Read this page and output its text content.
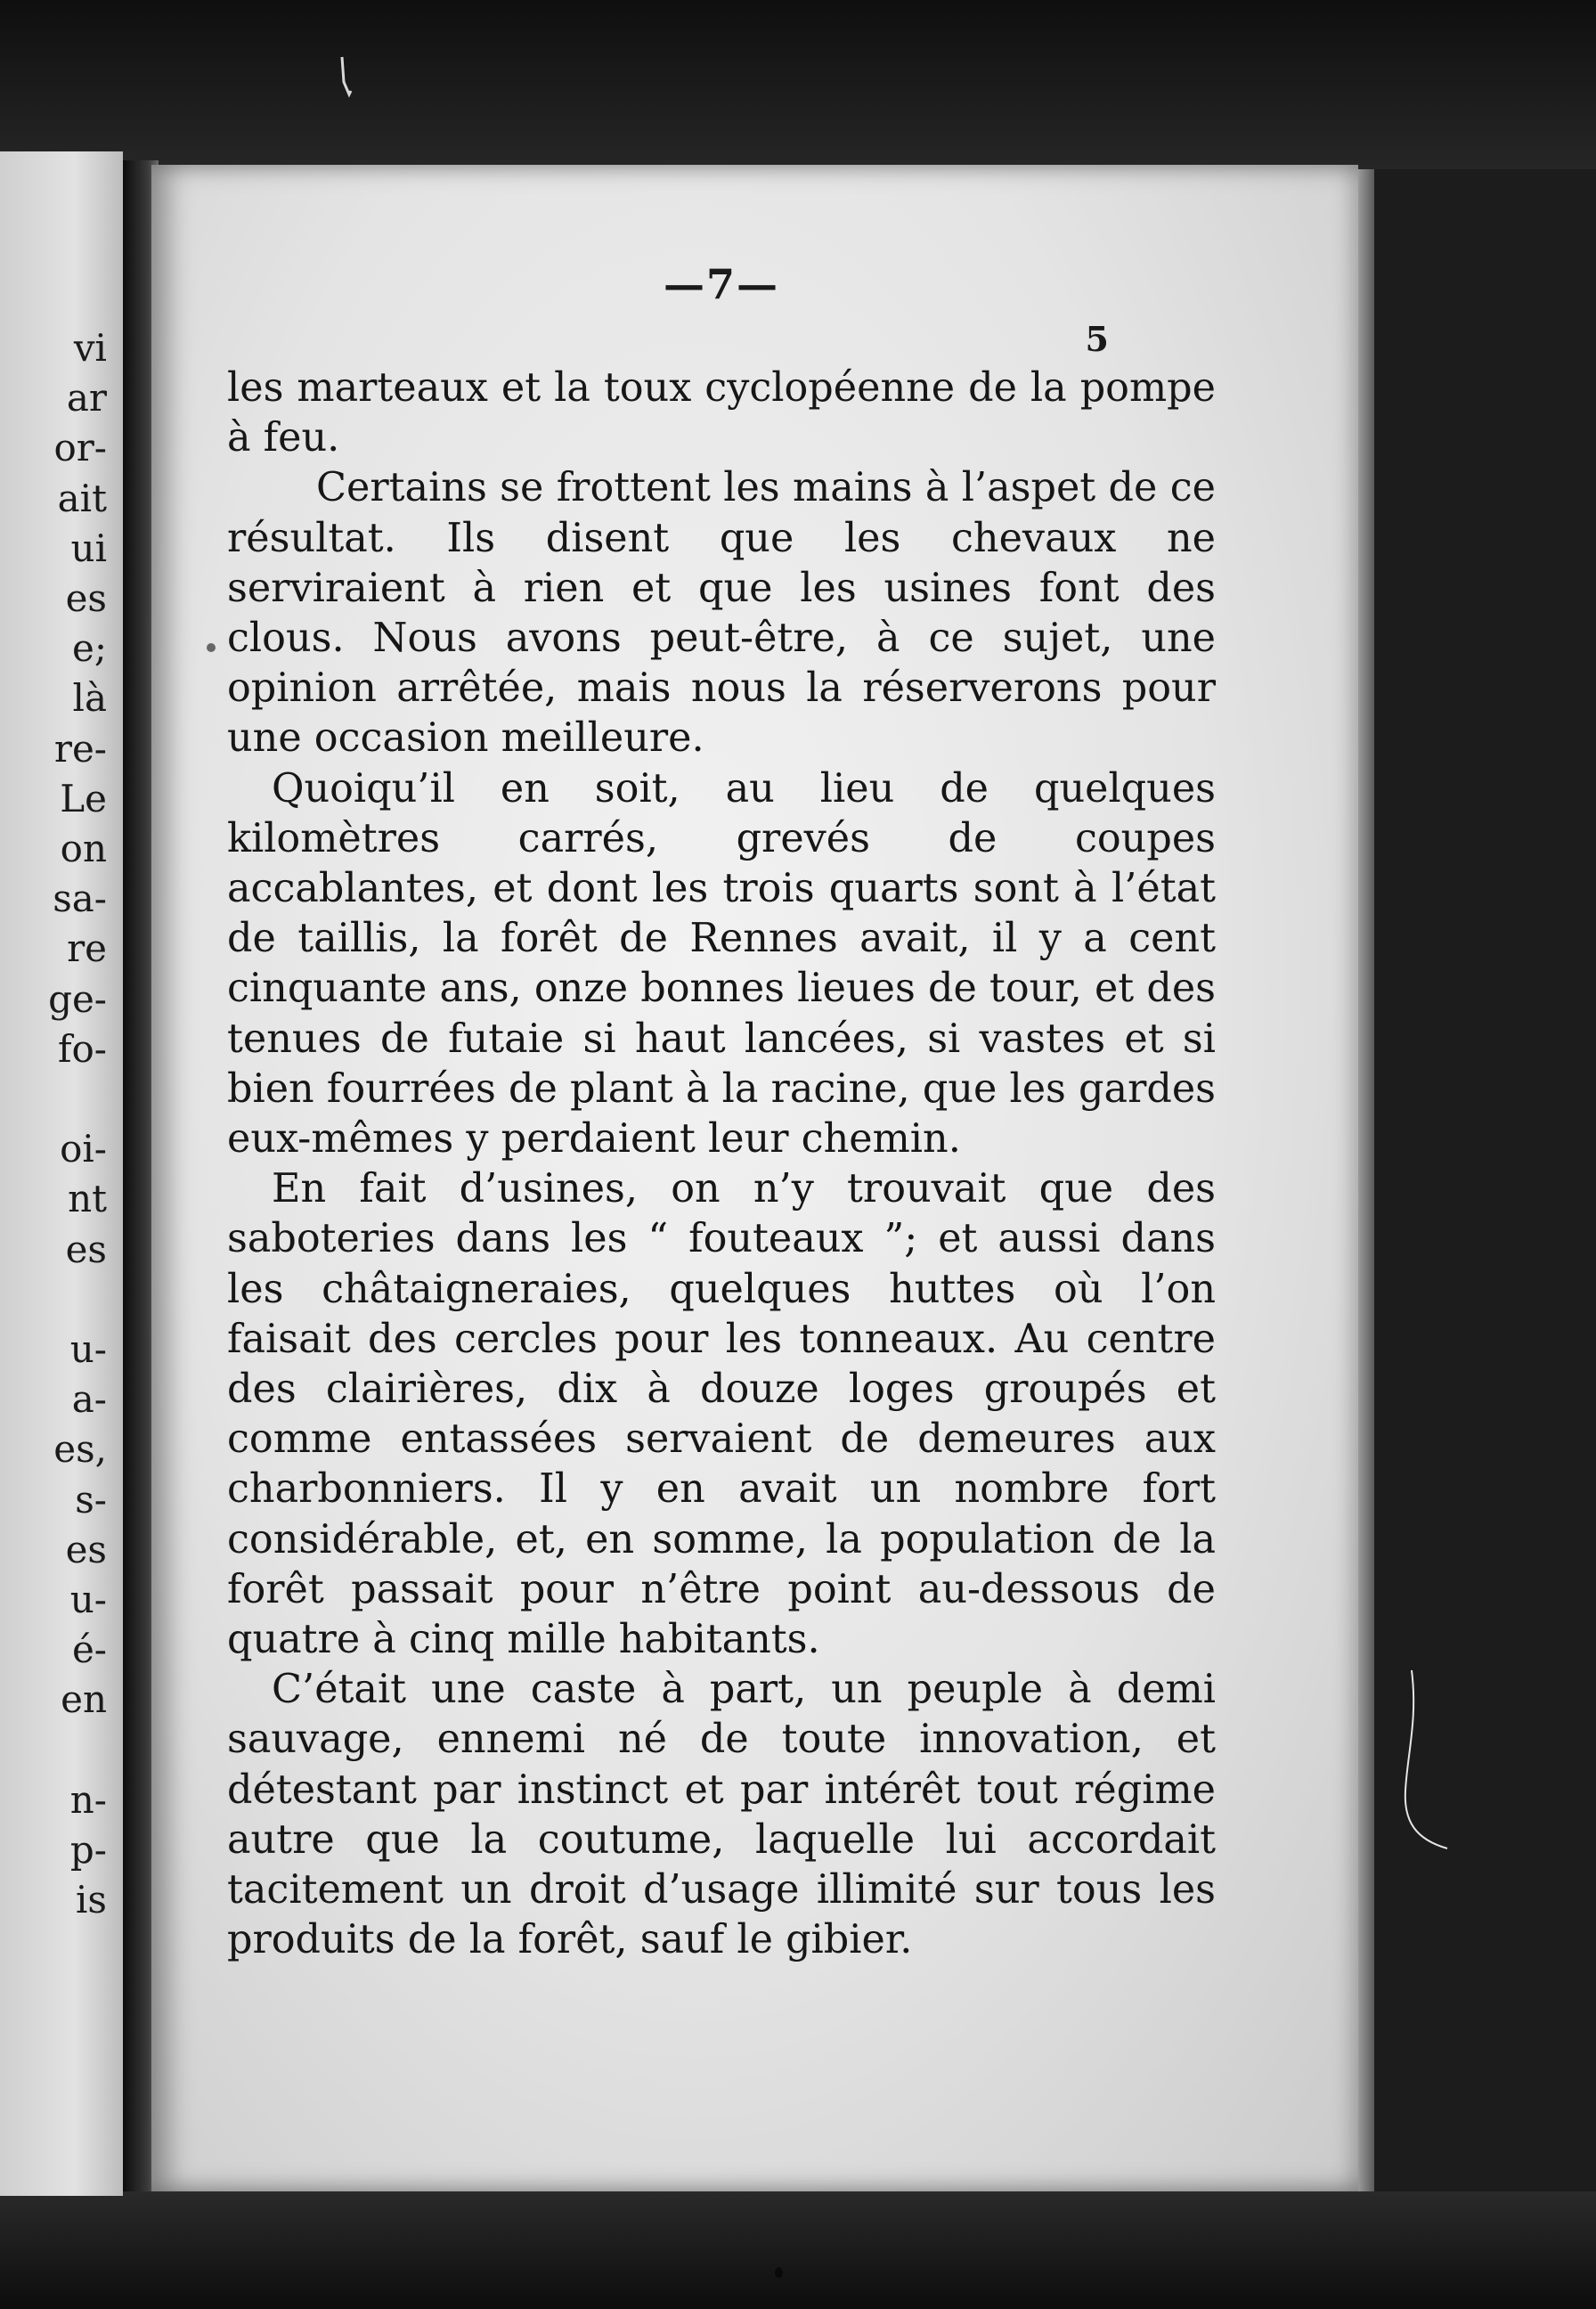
vi
ar
or-
ait
ui
es
e;
là
re-
Le
on
sa-
re
ge-
fo-
oi-
nt
es
u-
a-
es,
s-
es
u-
é-
en
n-
p-
is
—7—
5

les marteaux et la toux cyclopéenne de la pompe à feu.

Certains se frottent les mains à l’aspet de ce résultat. Ils disent que les chevaux ne serviraient à rien et que les usines font des clous. Nous avons peut-être, à ce sujet, une opinion arrêtée, mais nous la réserverons pour une occasion meilleure.

Quoiqu’il en soit, au lieu de quelques kilomètres carrés, grevés de coupes accablantes, et dont les trois quarts sont à l’état de taillis, la forêt de Rennes avait, il y a cent cinquante ans, onze bonnes lieues de tour, et des tenues de futaie si haut lancées, si vastes et si bien fourrées de plant à la racine, que les gardes eux-mêmes y perdaient leur chemin.

En fait d’usines, on n’y trouvait que des saboteries dans les “ fouteaux ”; et aussi dans les châtaigneraies, quelques huttes où l’on faisait des cercles pour les tonneaux. Au centre des clairières, dix à douze loges groupés et comme entassées servaient de demeures aux charbonniers. Il y en avait un nombre fort considérable, et, en somme, la population de la forêt passait pour n’être point au-dessous de quatre à cinq mille habitants.

C’était une caste à part, un peuple à demi sauvage, ennemi né de toute innovation, et détestant par instinct et par intérêt tout régime autre que la coutume, laquelle lui accordait tacitement un droit d’usage illimité sur tous les produits de la forêt, sauf le gibier.
